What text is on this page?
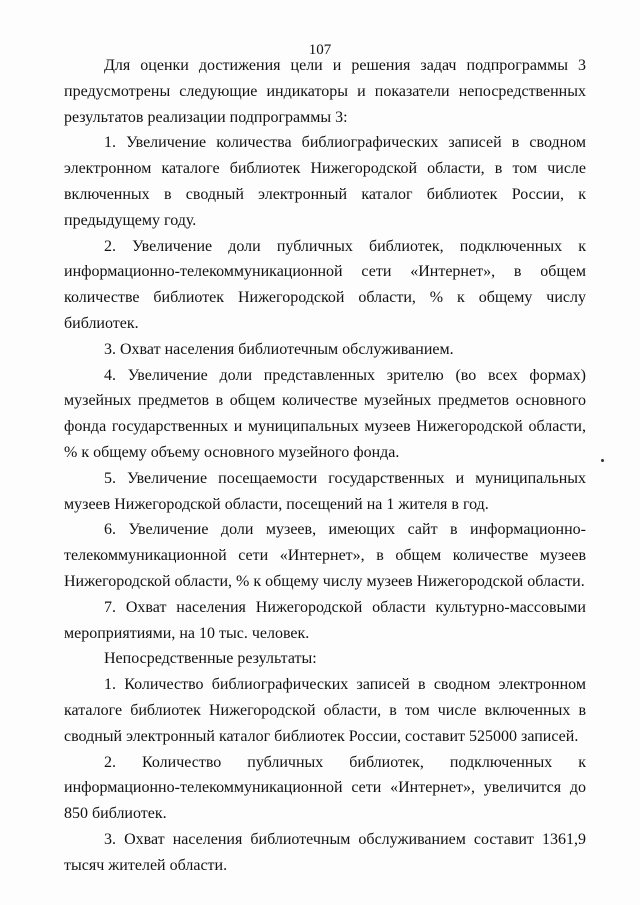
107

Для оценки достижения цели и решения задач подпрограммы 3 предусмотрены следующие индикаторы и показатели непосредственных результатов реализации подпрограммы 3:

1. Увеличение количества библиографических записей в сводном электронном каталоге библиотек Нижегородской области, в том числе включенных в сводный электронный каталог библиотек России, к предыдущему году.

2. Увеличение доли публичных библиотек, подключенных к информационно-телекоммуникационной сети «Интернет», в общем количестве библиотек Нижегородской области, % к общему числу библиотек.

3. Охват населения библиотечным обслуживанием.

4. Увеличение доли представленных зрителю (во всех формах) музейных предметов в общем количестве музейных предметов основного фонда государственных и муниципальных музеев Нижегородской области, % к общему объему основного музейного фонда.

5. Увеличение посещаемости государственных и муниципальных музеев Нижегородской области, посещений на 1 жителя в год.

6. Увеличение доли музеев, имеющих сайт в информационно-телекоммуникационной сети «Интернет», в общем количестве музеев Нижегородской области, % к общему числу музеев Нижегородской области.

7. Охват населения Нижегородской области культурно-массовыми мероприятиями, на 10 тыс. человек.

Непосредственные результаты:

1. Количество библиографических записей в сводном электронном каталоге библиотек Нижегородской области, в том числе включенных в сводный электронный каталог библиотек России, составит 525000 записей.

2. Количество публичных библиотек, подключенных к информационно-телекоммуникационной сети «Интернет», увеличится до 850 библиотек.

3. Охват населения библиотечным обслуживанием составит 1361,9 тысяч жителей области.
